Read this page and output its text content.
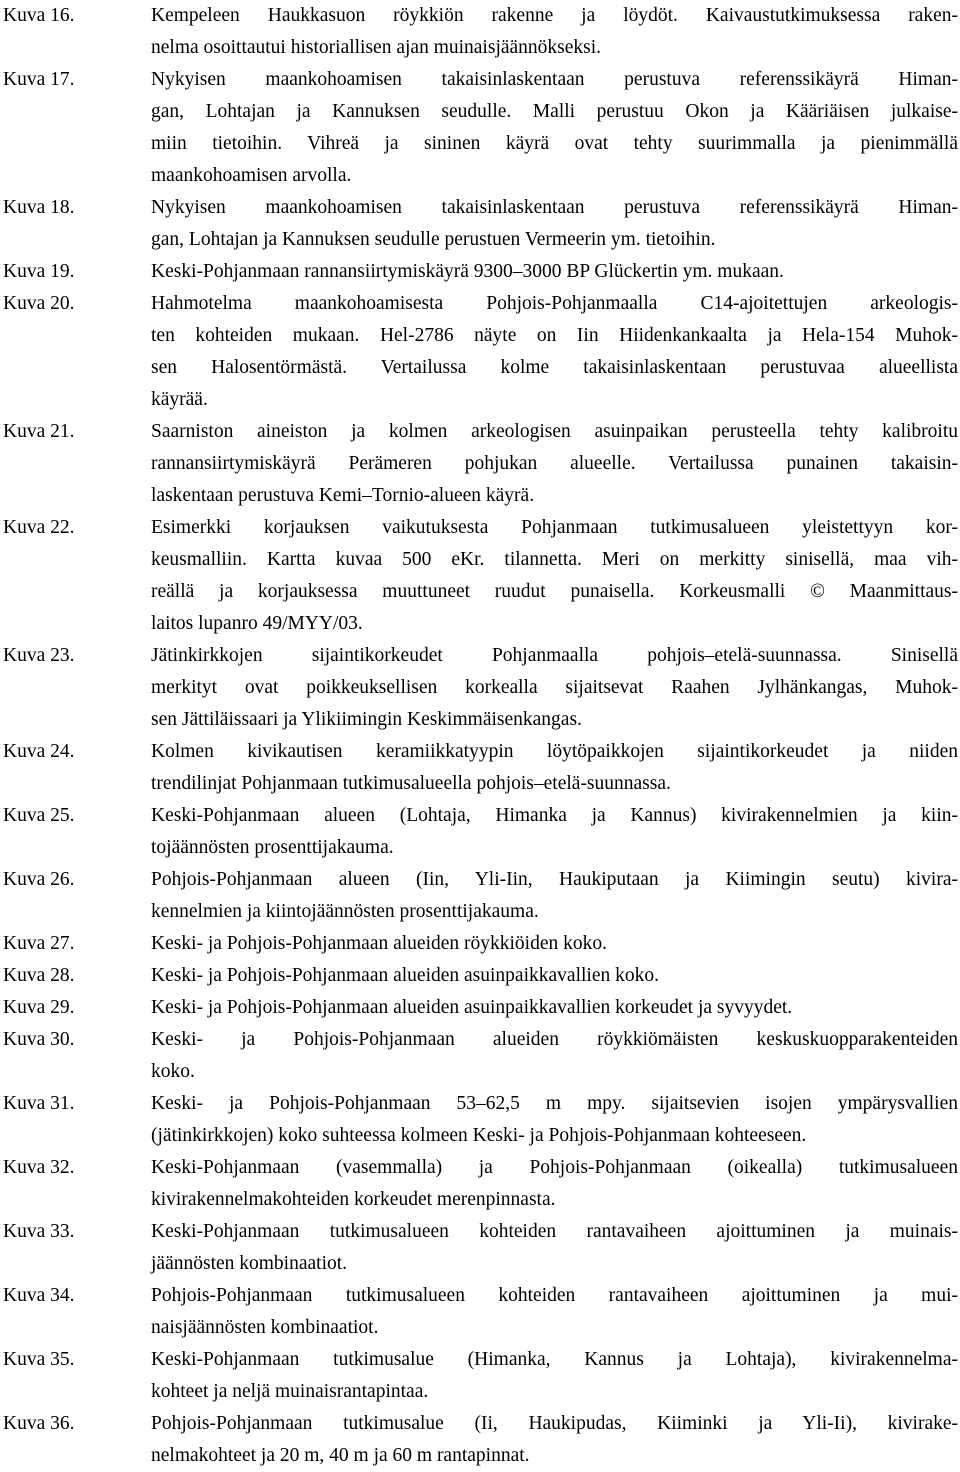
Kuva 16.	Kempeleen Haukkasuon röykkiön rakenne ja löydöt. Kaivaustutkimuksessa raken-
nelma osoittautui historiallisen ajan muinaisjäännökseksi.
Kuva 17.	Nykyisen maankohoamisen takaisinlaskentaan perustuva referenssikäyrä Himan-
gan, Lohtajan ja Kannuksen seudulle. Malli perustuu Okon ja Kääriäisen julkaise-
miin tietoihin. Vihreä ja sininen käyrä ovat tehty suurimmalla ja pienimmällä
maankohoamisen arvolla.
Kuva 18.	Nykyisen maankohoamisen takaisinlaskentaan perustuva referenssikäyrä Himan-
gan, Lohtajan ja Kannuksen seudulle perustuen Vermeerin ym. tietoihin.
Kuva 19.	Keski-Pohjanmaan rannansiirtymiskäyrä 9300–3000 BP Glückertin ym. mukaan.
Kuva 20.	Hahmotelma maankohoamisesta Pohjois-Pohjanmaalla C14-ajoitettujen arkeologis-
ten kohteiden mukaan. Hel-2786 näyte on Iin Hiidenkankaalta ja Hela-154 Muhok-
sen Halosentörmästä. Vertailussa kolme takaisinlaskentaan perustuvaa alueellista
käyrää.
Kuva 21.	Saarniston aineiston ja kolmen arkeologisen asuinpaikan perusteella tehty kalibroitu
rannansiirtymiskäyrä Perämeren pohjukan alueelle. Vertailussa punainen takaisin-
laskentaan perustuva Kemi–Tornio-alueen käyrä.
Kuva 22.	Esimerkki korjauksen vaikutuksesta Pohjanmaan tutkimusalueen yleistettyyn kor-
keusmalliin. Kartta kuvaa 500 eKr. tilannetta. Meri on merkitty sinisellä, maa vih-
reällä ja korjauksessa muuttuneet ruudut punaisella. Korkeusmalli © Maanmittaus-
laitos lupanro 49/MYY/03.
Kuva 23.	Jätinkirkkojen sijaintikorkeudet Pohjanmaalla pohjois–etelä-suunnassa. Sinisellä
merkityt ovat poikkeuksellisen korkealla sijaitsevat Raahen Jylhänkangas, Muhok-
sen Jättiläissaari ja Ylikiimingin Keskimmäisenkangas.
Kuva 24.	Kolmen kivikautisen keramiikkatyypin löytöpaikkojen sijaintikorkeudet ja niiden
trendilinjat Pohjanmaan tutkimusalueella pohjois–etelä-suunnassa.
Kuva 25.	Keski-Pohjanmaan alueen (Lohtaja, Himanka ja Kannus) kivirakennelmien ja kiin-
tojäännösten prosenttijakauma.
Kuva 26.	Pohjois-Pohjanmaan alueen (Iin, Yli-Iin, Haukiputaan ja Kiimingin seutu) kivira-
kennelmien ja kiintojäännösten prosenttijakauma.
Kuva 27.	Keski- ja Pohjois-Pohjanmaan alueiden röykkiöiden koko.
Kuva 28.	Keski- ja Pohjois-Pohjanmaan alueiden asuinpaikkavallien koko.
Kuva 29.	Keski- ja Pohjois-Pohjanmaan alueiden asuinpaikkavallien korkeudet ja syvyydet.
Kuva 30.	Keski- ja Pohjois-Pohjanmaan alueiden röykkiömäisten keskuskuopparakenteiden
koko.
Kuva 31.	Keski- ja Pohjois-Pohjanmaan 53–62,5 m mpy. sijaitsevien isojen ympärysvallien
(jätinkirkkojen) koko suhteessa kolmeen Keski- ja Pohjois-Pohjanmaan kohteeseen.
Kuva 32.	Keski-Pohjanmaan (vasemmalla) ja Pohjois-Pohjanmaan (oikealla) tutkimusalueen
kivirakennelmakohteiden korkeudet merenpinnasta.
Kuva 33.	Keski-Pohjanmaan tutkimusalueen kohteiden rantavaiheen ajoittuminen ja muinais-
jäännösten kombinaatiot.
Kuva 34.	Pohjois-Pohjanmaan tutkimusalueen kohteiden rantavaiheen ajoittuminen ja mui-
naisjäännösten kombinaatiot.
Kuva 35.	Keski-Pohjanmaan tutkimusalue (Himanka, Kannus ja Lohtaja), kivirakennelma-
kohteet ja neljä muinaisrantapintaa.
Kuva 36.	Pohjois-Pohjanmaan tutkimusalue (Ii, Haukipudas, Kiiminki ja Yli-Ii), kivirake-
nelmakohteet ja 20 m, 40 m ja 60 m rantapinnat.
